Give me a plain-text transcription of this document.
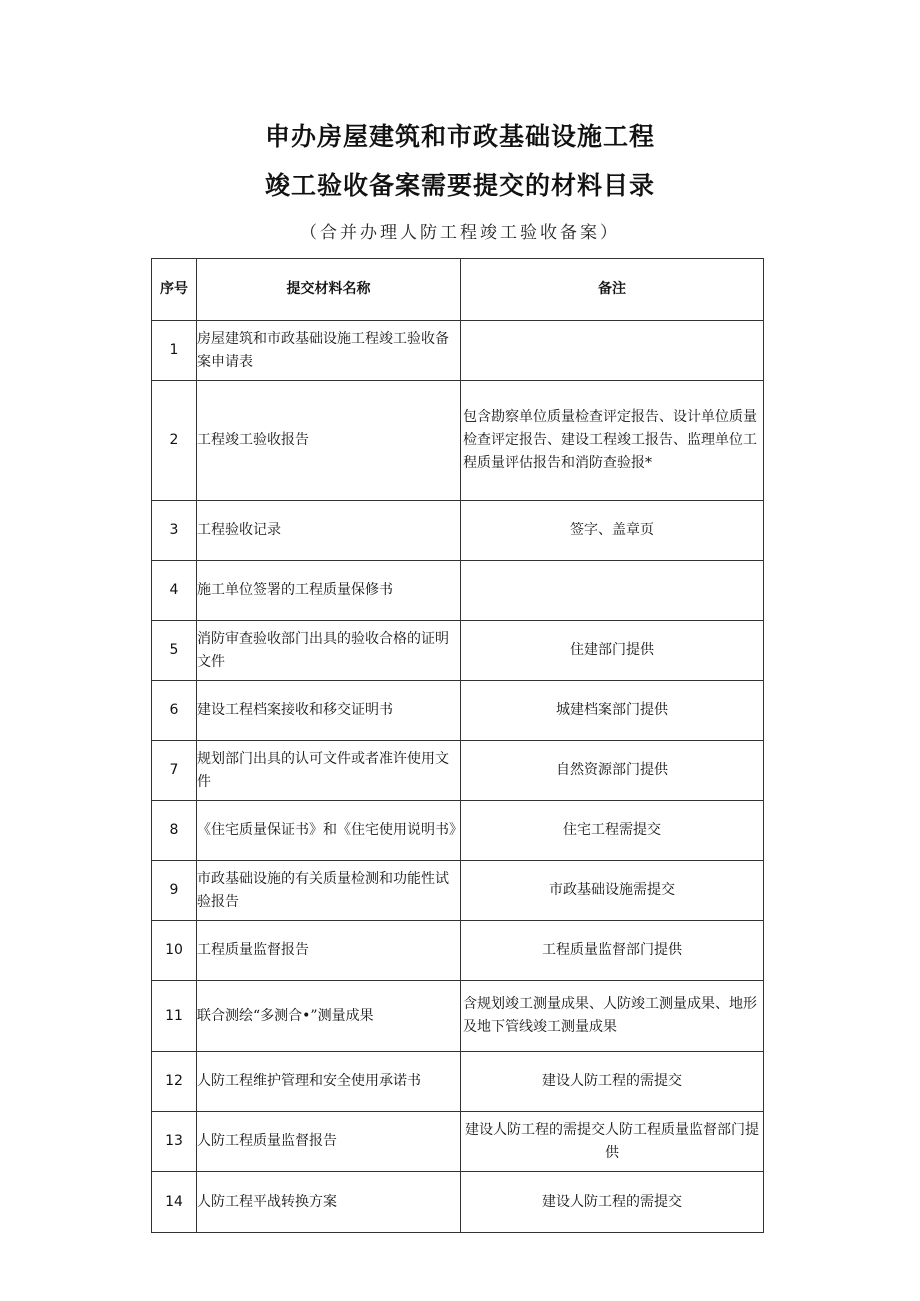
申办房屋建筑和市政基础设施工程
竣工验收备案需要提交的材料目录
（合并办理人防工程竣工验收备案）
序号	提交材料名称	备注
1	房屋建筑和市政基础设施工程竣工验收备案申请表	
2	工程竣工验收报告	包含勘察单位质量检查评定报告、设计单位质量检查评定报告、建设工程竣工报告、监理单位工程质量评估报告和消防查验报*
3	工程验收记录	签字、盖章页
4	施工单位签署的工程质量保修书	
5	消防审查验收部门出具的验收合格的证明文件	住建部门提供
6	建设工程档案接收和移交证明书	城建档案部门提供
7	规划部门出具的认可文件或者准许使用文件	自然资源部门提供
8	《住宅质量保证书》和《住宅使用说明书》	住宅工程需提交
9	市政基础设施的有关质量检测和功能性试验报告	市政基础设施需提交
10	工程质量监督报告	工程质量监督部门提供
11	联合测绘“多测合•”测量成果	含规划竣工测量成果、人防竣工测量成果、地形及地下管线竣工测量成果
12	人防工程维护管理和安全使用承诺书	建设人防工程的需提交
13	人防工程质量监督报告	建设人防工程的需提交人防工程质量监督部门提供
14	人防工程平战转换方案	建设人防工程的需提交
